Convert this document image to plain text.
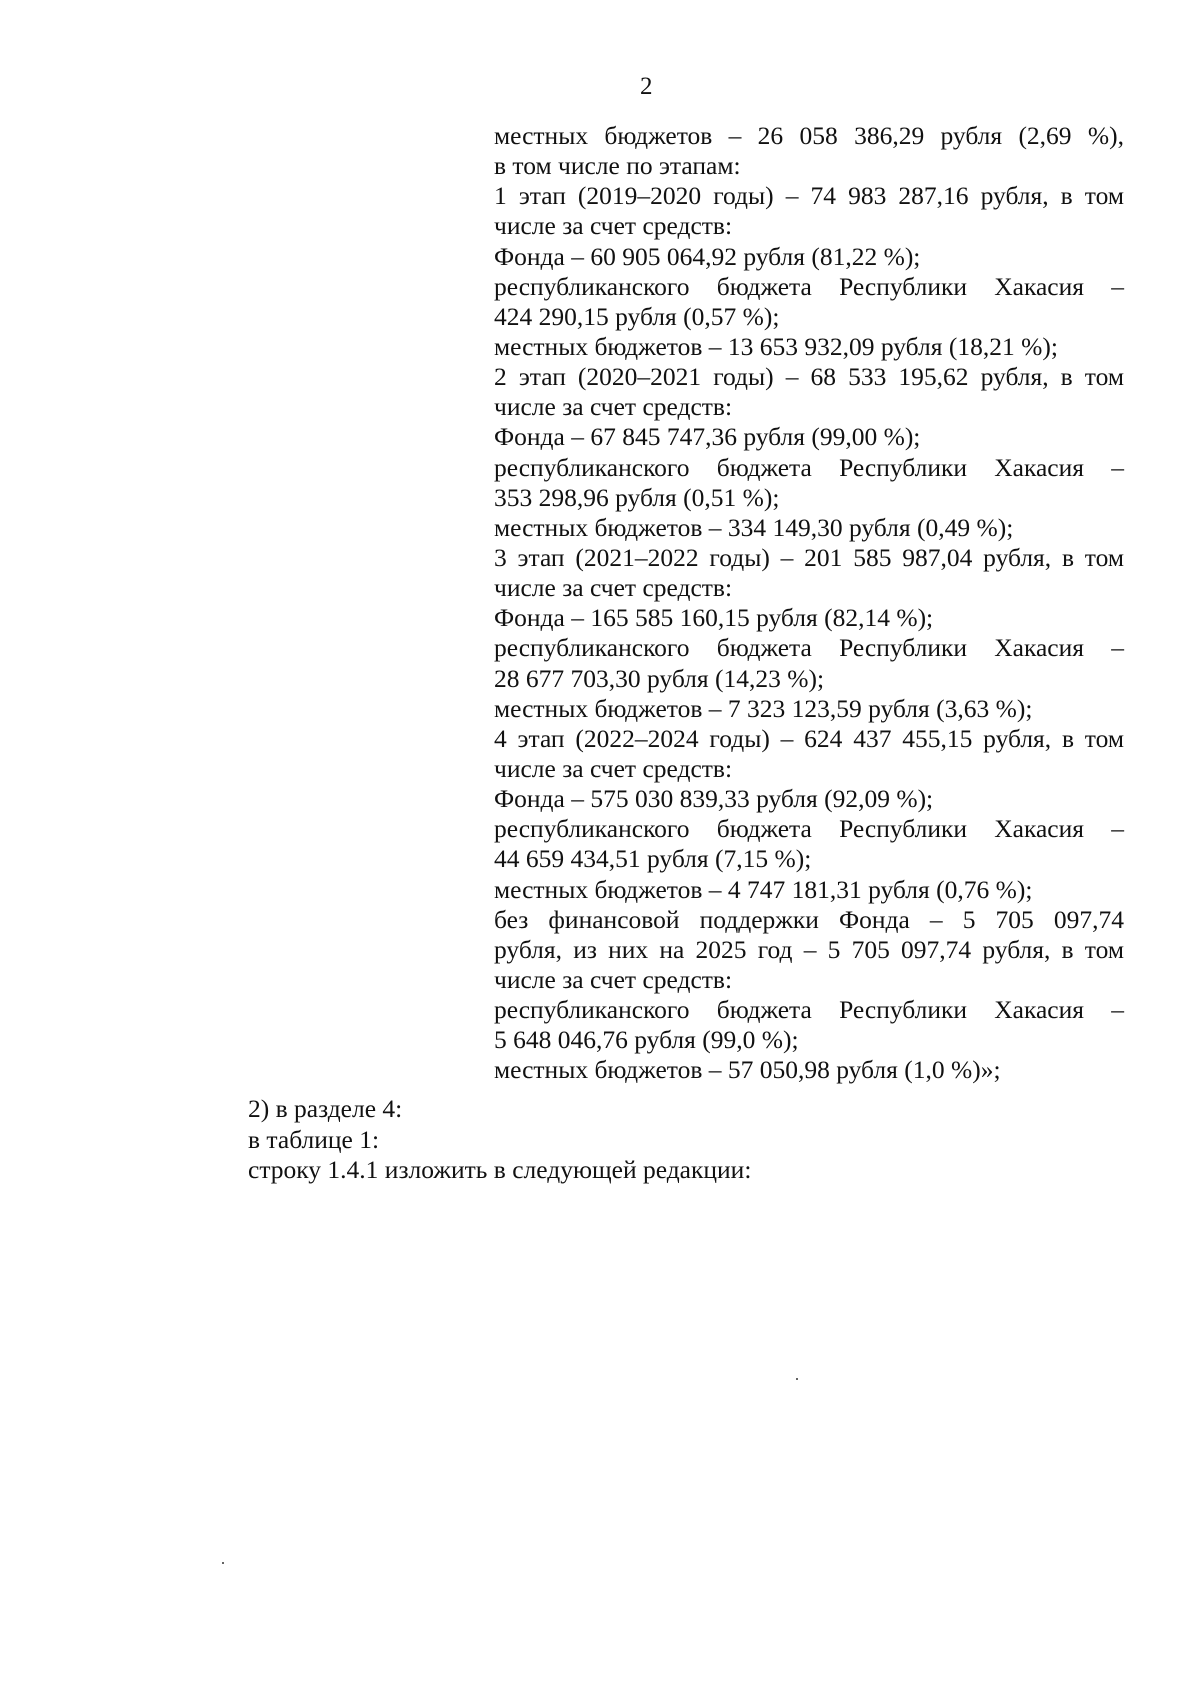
2
местных бюджетов – 26 058 386,29 рубля (2,69 %),
в том числе по этапам:
1 этап (2019–2020 годы) – 74 983 287,16 рубля, в том
числе за счет средств:
Фонда – 60 905 064,92 рубля (81,22 %);
республиканского бюджета Республики Хакасия –
424 290,15 рубля (0,57 %);
местных бюджетов – 13 653 932,09 рубля (18,21 %);
2 этап (2020–2021 годы) – 68 533 195,62 рубля, в том
числе за счет средств:
Фонда – 67 845 747,36 рубля (99,00 %);
республиканского бюджета Республики Хакасия –
353 298,96 рубля (0,51 %);
местных бюджетов – 334 149,30 рубля (0,49 %);
3 этап (2021–2022 годы) – 201 585 987,04 рубля, в том
числе за счет средств:
Фонда – 165 585 160,15 рубля (82,14 %);
республиканского бюджета Республики Хакасия –
28 677 703,30 рубля (14,23 %);
местных бюджетов – 7 323 123,59 рубля (3,63 %);
4 этап (2022–2024 годы) – 624 437 455,15 рубля, в том
числе за счет средств:
Фонда – 575 030 839,33 рубля (92,09 %);
республиканского бюджета Республики Хакасия –
44 659 434,51 рубля (7,15 %);
местных бюджетов – 4 747 181,31 рубля (0,76 %);
без финансовой поддержки Фонда – 5 705 097,74
рубля, из них на 2025 год – 5 705 097,74 рубля, в том
числе за счет средств:
республиканского бюджета Республики Хакасия –
5 648 046,76 рубля (99,0 %);
местных бюджетов – 57 050,98 рубля (1,0 %)»;
2) в разделе 4:
в таблице 1:
строку 1.4.1 изложить в следующей редакции:
